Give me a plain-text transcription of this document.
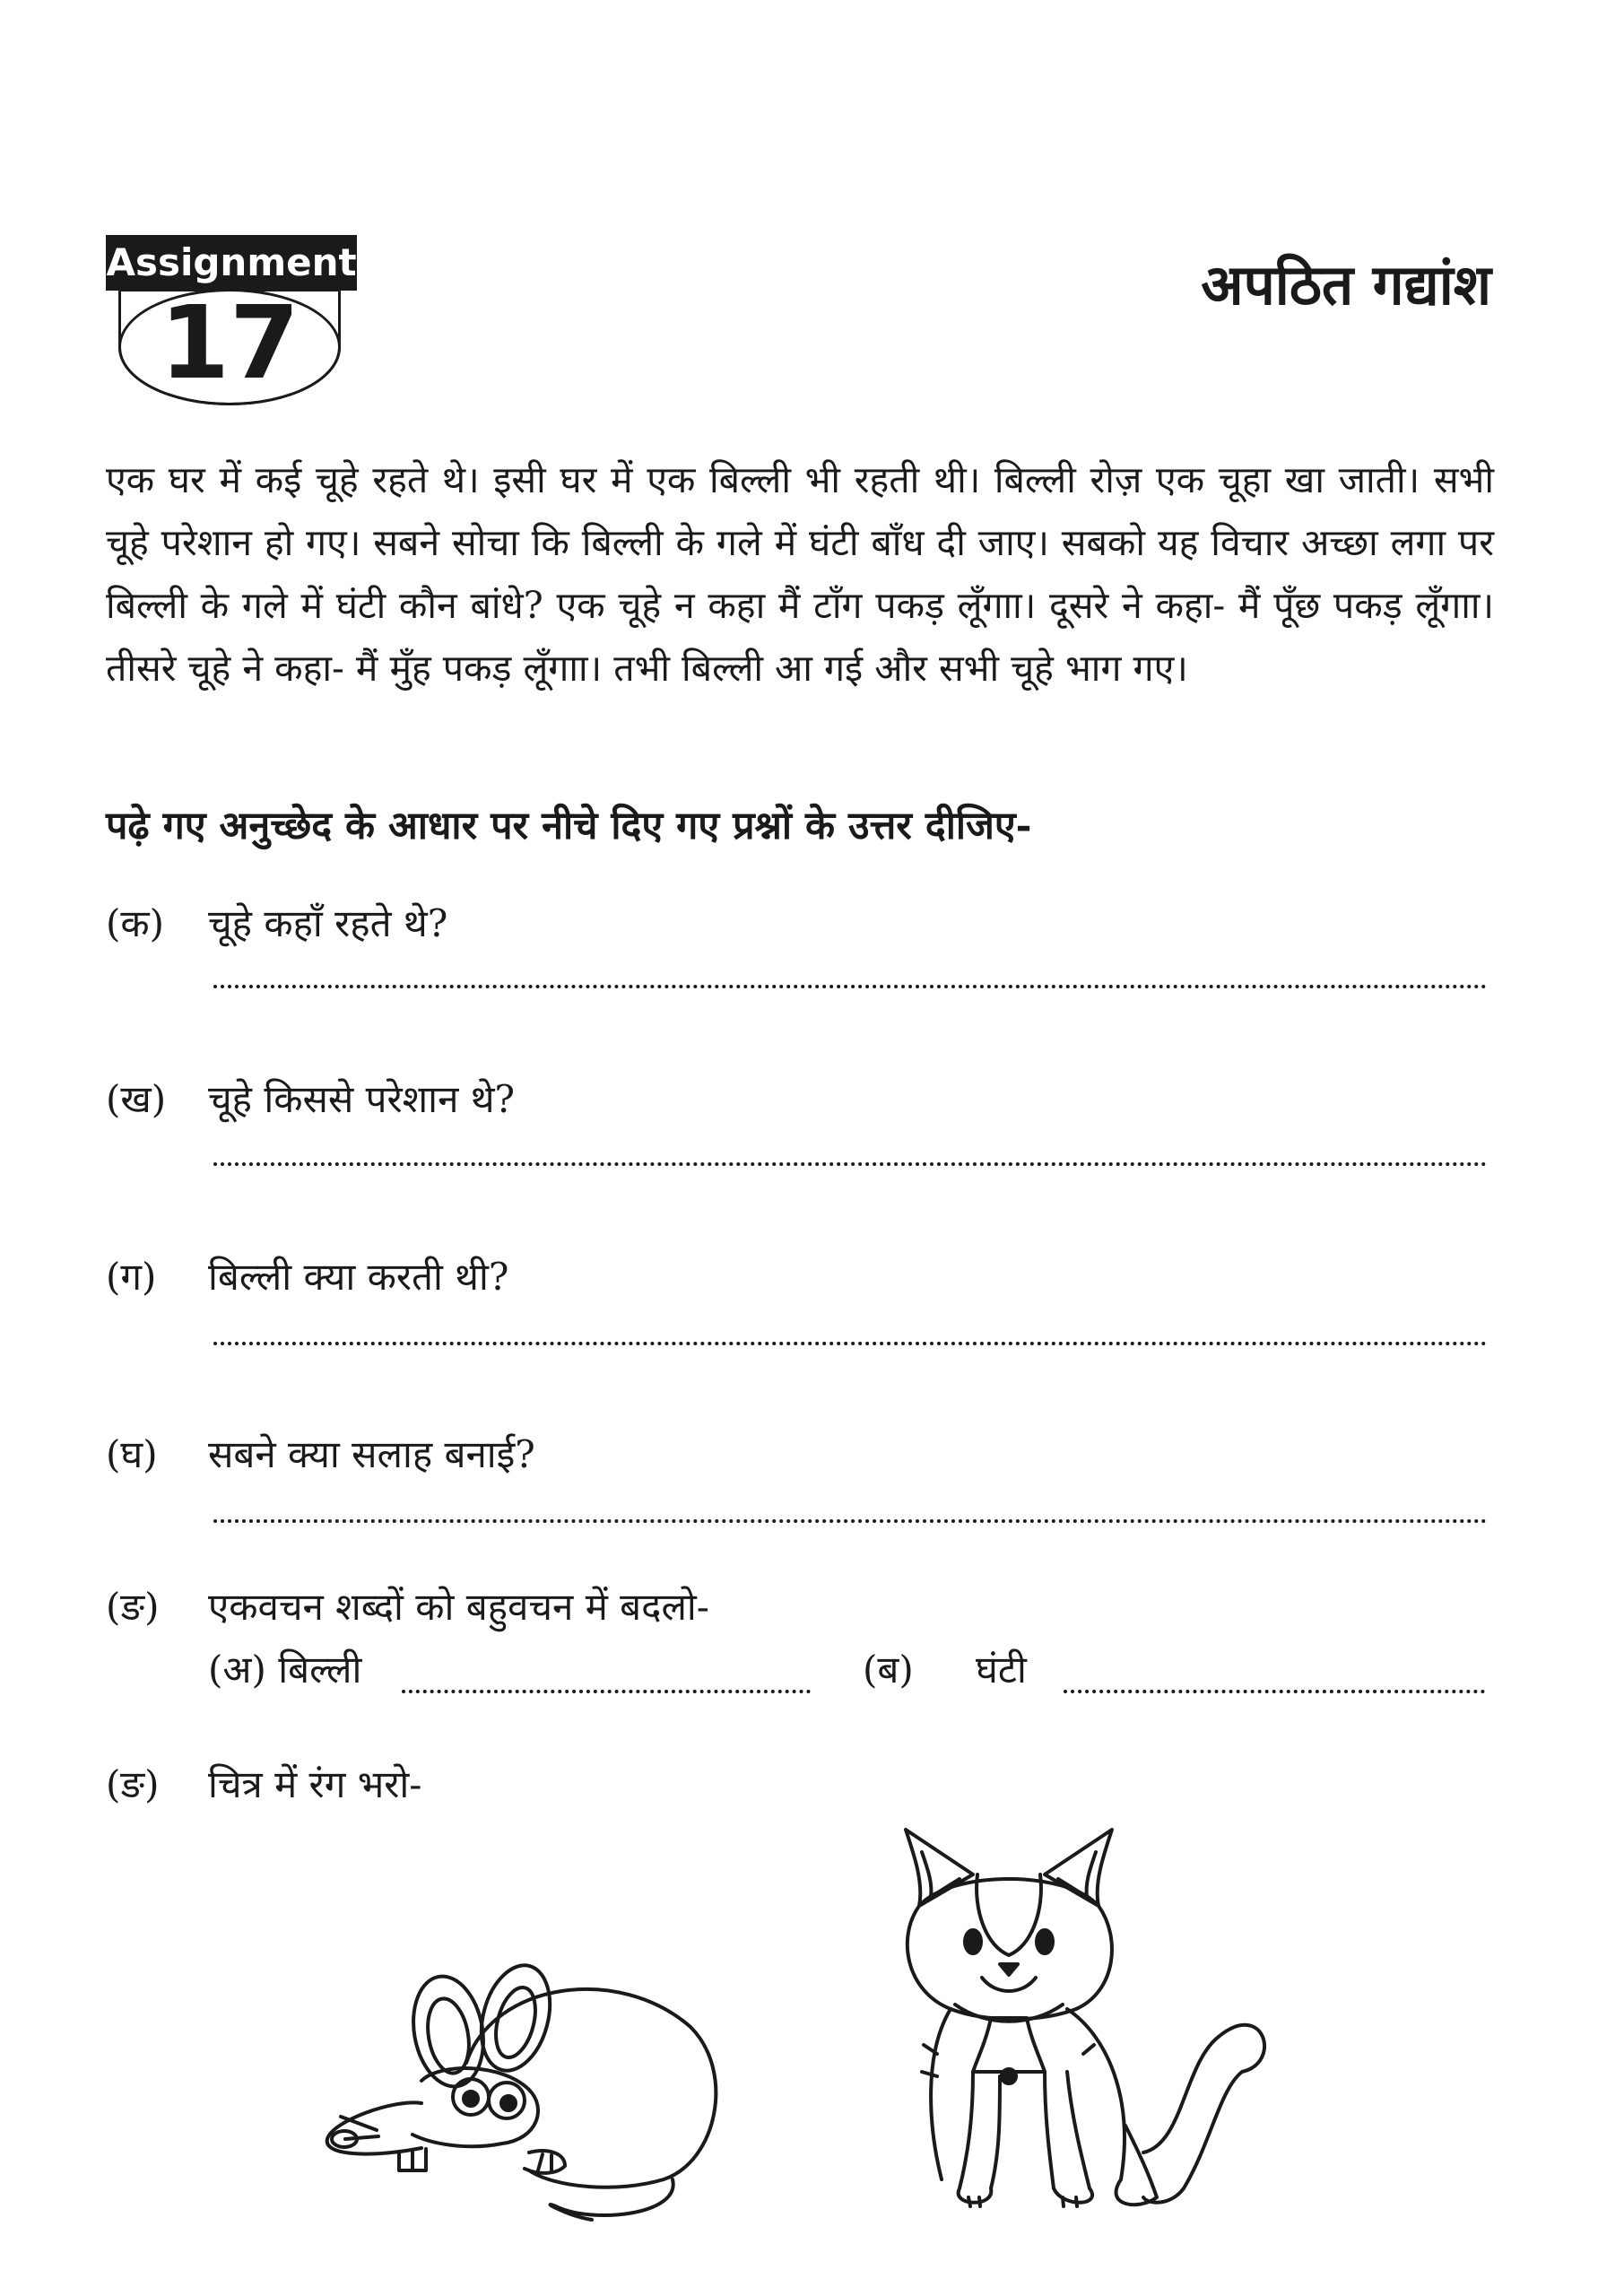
Assignment
17
अपठित गद्यांश
एक घर में कई चूहे रहते थे। इसी घर में एक बिल्ली भी रहती थी। बिल्ली रोज़ एक चूहा खा जाती। सभी चूहे परेशान हो गए। सबने सोचा कि बिल्ली के गले में घंटी बाँध दी जाए। सबको यह विचार अच्छा लगा पर बिल्ली के गले में घंटी कौन बांधे? एक चूहे न कहा मैं टाँग पकड़ लूँगाा। दूसरे ने कहा- मैं पूँछ पकड़ लूँगाा। तीसरे चूहे ने कहा- मैं मुँह पकड़ लूँगाा। तभी बिल्ली आ गई और सभी चूहे भाग गए।
पढ़े गए अनुच्छेद के आधार पर नीचे दिए गए प्रश्नों के उत्तर दीजिए-
(क) चूहे कहाँ रहते थे?
(ख) चूहे किससे परेशान थे?
(ग) बिल्ली क्या करती थी?
(घ) सबने क्या सलाह बनाई?
(ङ) एकवचन शब्दों को बहुवचन में बदलो-
(अ) बिल्ली	(ब) घंटी
(ङ) चित्र में रंग भरो-
